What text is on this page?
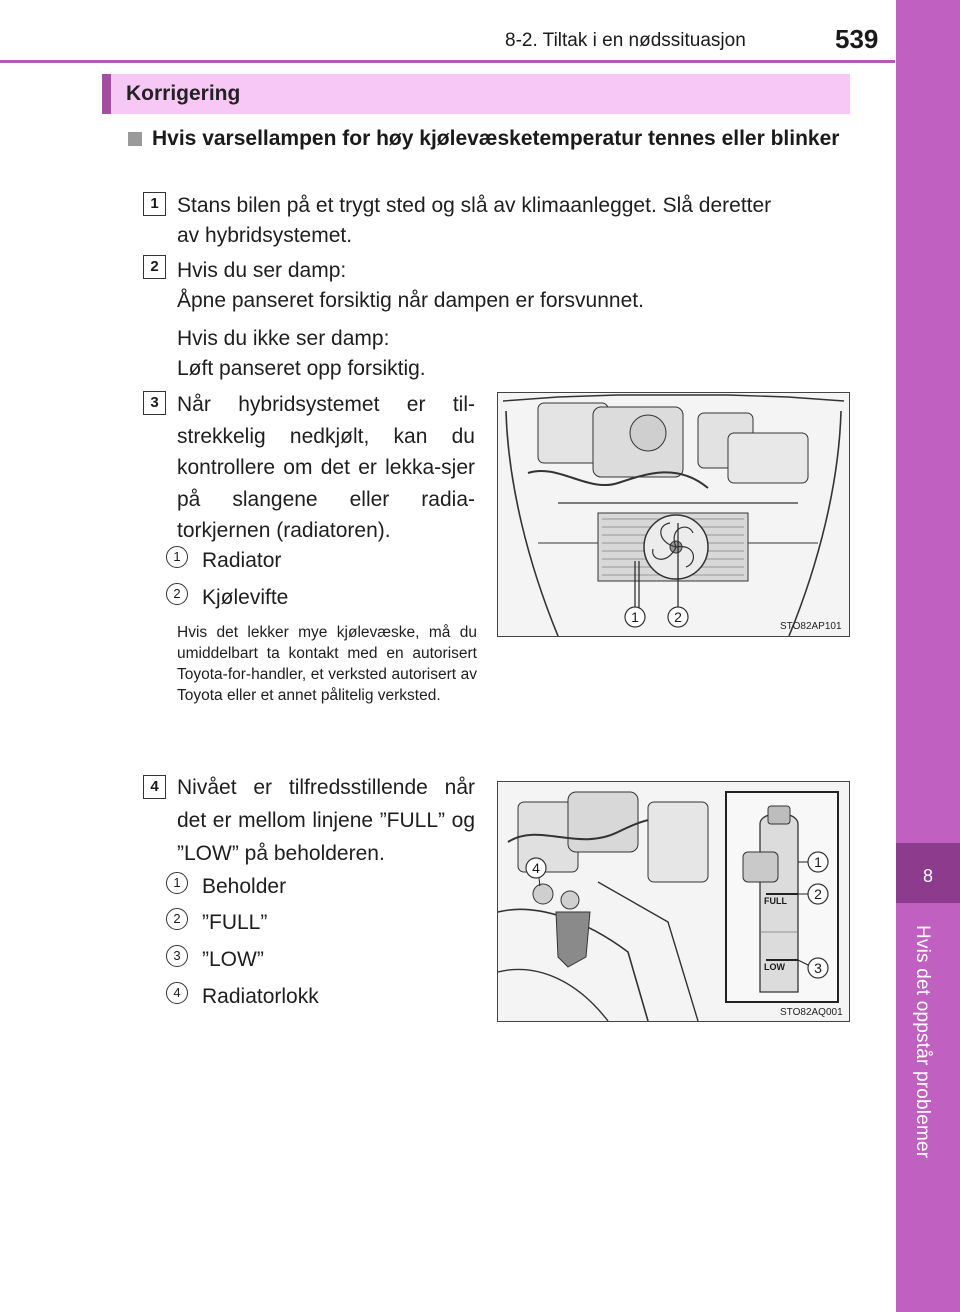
8-2. Tiltak i en nødssituasjon	539
8
Hvis det oppstår problemer
Korrigering
Hvis varsellampen for høy kjølevæsketemperatur tennes eller blinker
1 Stans bilen på et trygt sted og slå av klimaanlegget. Slå deretter
av hybridsystemet.
2 Hvis du ser damp:
Åpne panseret forsiktig når dampen er forsvunnet.
Hvis du ikke ser damp:
Løft panseret opp forsiktig.
3 Når hybridsystemet er til-strekkelig nedkjølt, kan du kontrollere om det er lekka-sjer på slangene eller radia-torkjernen (radiatoren).
1	Radiator
2	Kjølevifte
Hvis det lekker mye kjølevæske, må du umiddelbart ta kontakt med en autorisert Toyota-for-handler, et verksted autorisert av Toyota eller et annet pålitelig verksted.
1	2
STO82AP101
4 Nivået er tilfredsstillende når det er mellom linjene ”FULL” og ”LOW” på beholderen.
1	Beholder
2	”FULL”
3	”LOW”
4	Radiatorlokk
1
2
3
4
FULL
LOW
STO82AQ001
